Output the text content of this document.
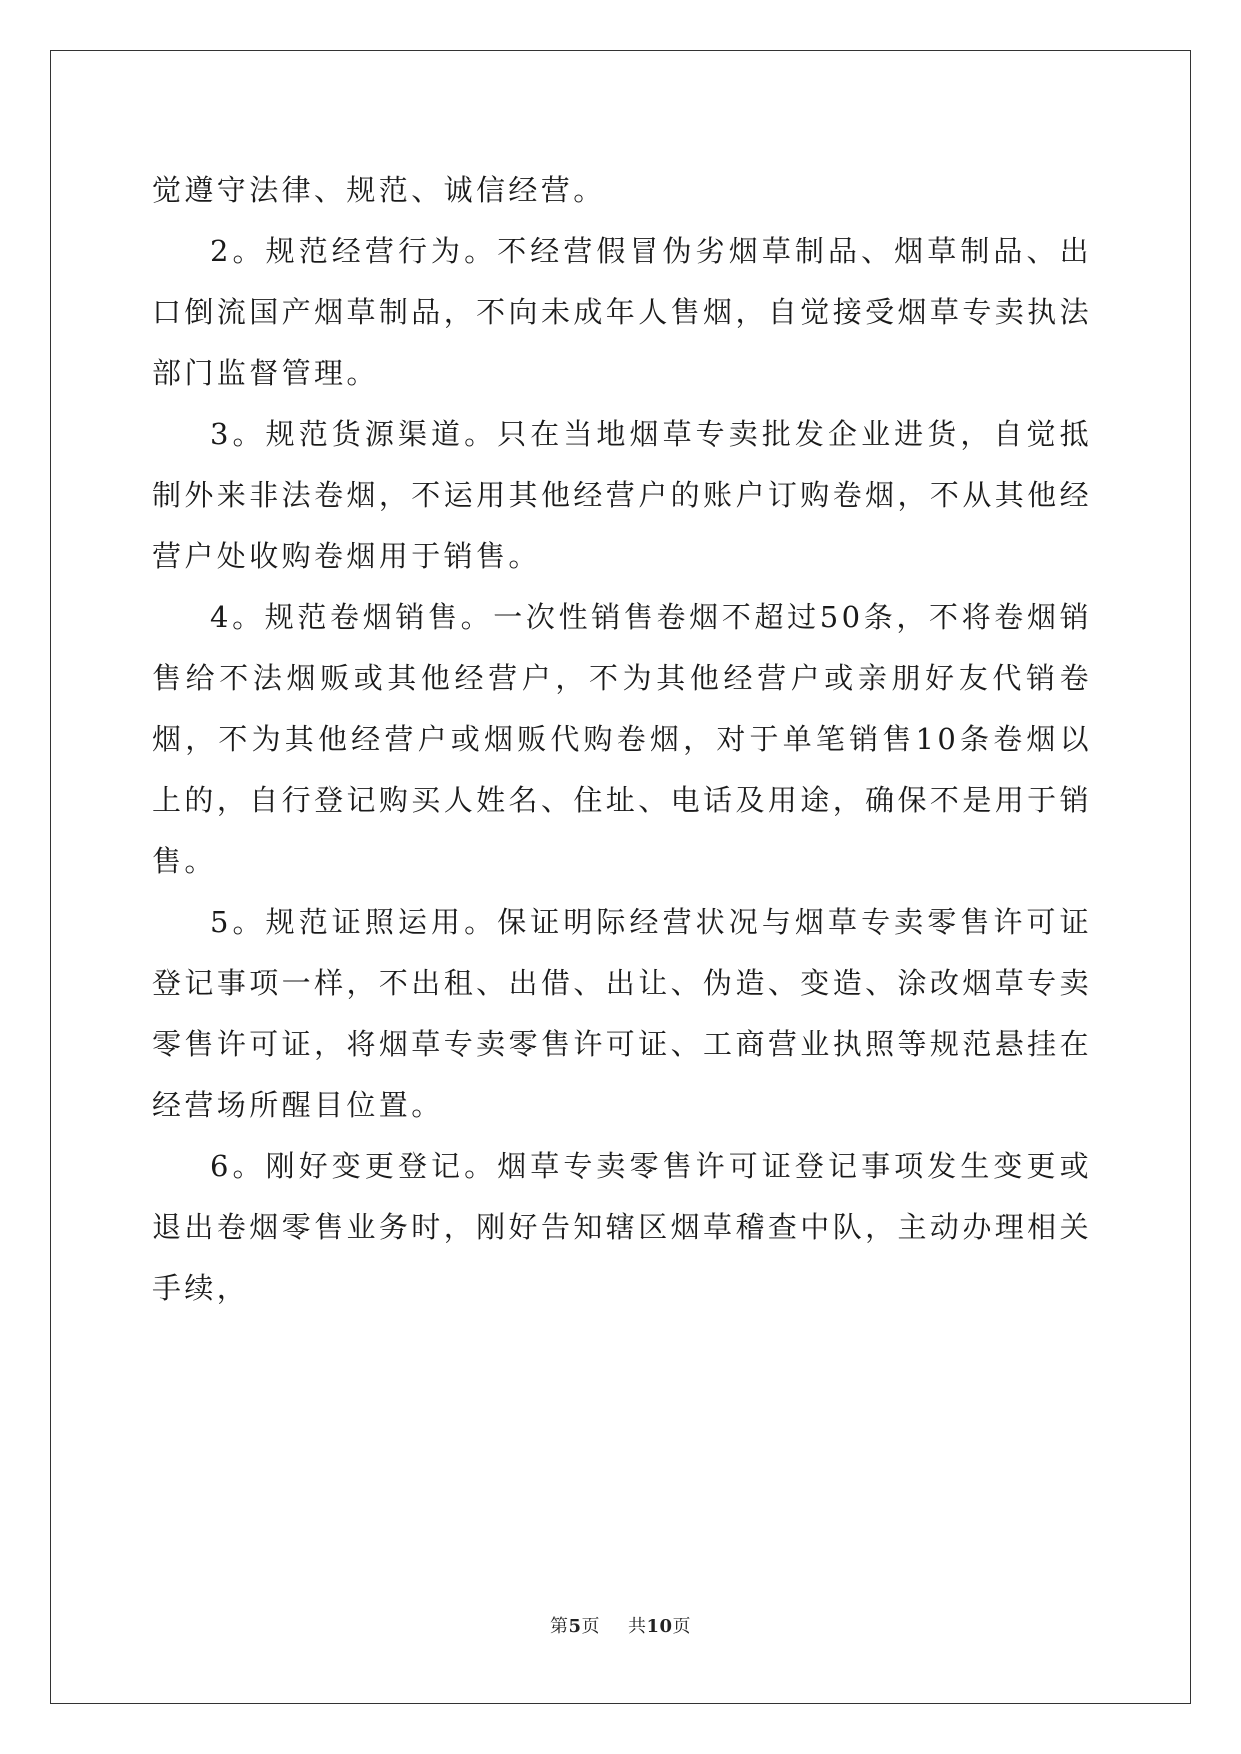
觉遵守法律、规范、诚信经营。

2。规范经营行为。不经营假冒伪劣烟草制品、烟草制品、出口倒流国产烟草制品，不向未成年人售烟，自觉接受烟草专卖执法部门监督管理。

3。规范货源渠道。只在当地烟草专卖批发企业进货，自觉抵制外来非法卷烟，不运用其他经营户的账户订购卷烟，不从其他经营户处收购卷烟用于销售。

4。规范卷烟销售。一次性销售卷烟不超过50条，不将卷烟销售给不法烟贩或其他经营户，不为其他经营户或亲朋好友代销卷烟，不为其他经营户或烟贩代购卷烟，对于单笔销售10条卷烟以上的，自行登记购买人姓名、住址、电话及用途，确保不是用于销售。

5。规范证照运用。保证明际经营状况与烟草专卖零售许可证登记事项一样，不出租、出借、出让、伪造、变造、涂改烟草专卖零售许可证，将烟草专卖零售许可证、工商营业执照等规范悬挂在经营场所醒目位置。

6。刚好变更登记。烟草专卖零售许可证登记事项发生变更或退出卷烟零售业务时，刚好告知辖区烟草稽查中队，主动办理相关手续，

第5页 共10页
